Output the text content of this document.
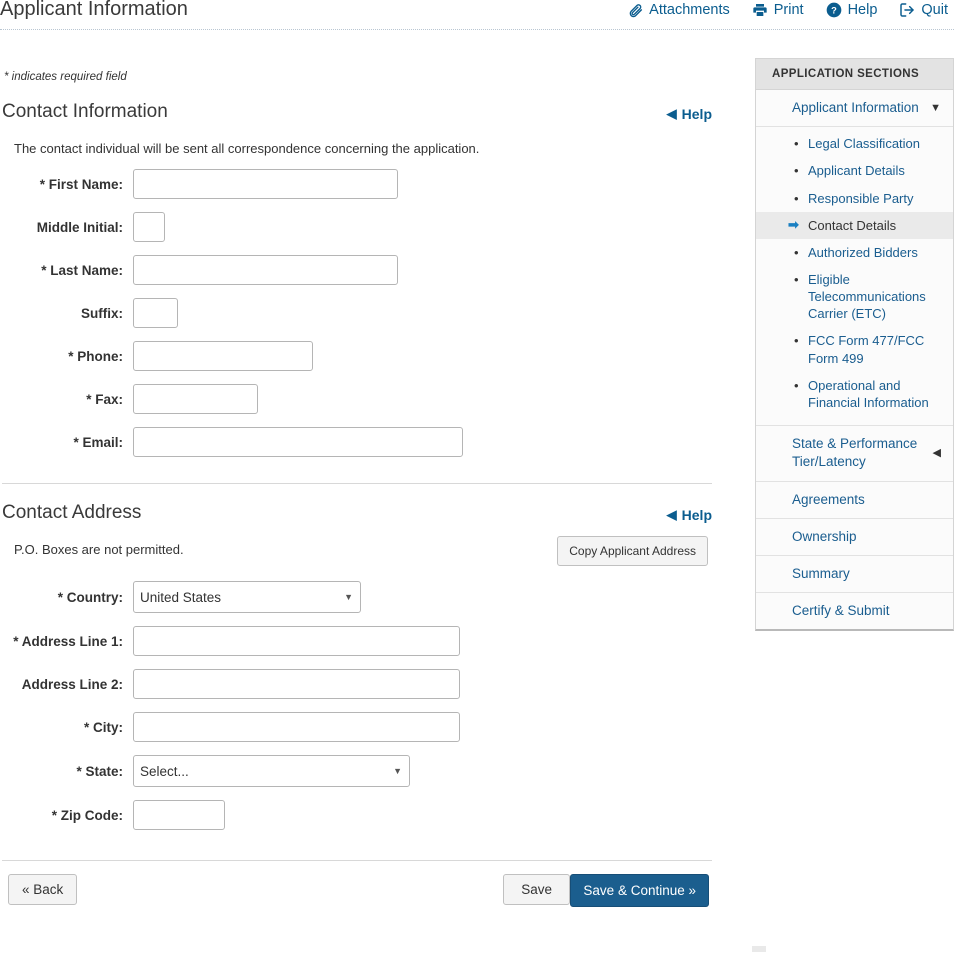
Applicant Information	Attachments	Print ? Help	Quit
* indicates required field
Contact Information	◀ Help
The contact individual will be sent all correspondence concerning the application.
* First Name:
Middle Initial:
* Last Name:
Suffix:
* Phone:
* Fax:
* Email:
Contact Address	◀ Help
P.O. Boxes are not permitted.	Copy Applicant Address
* Country:
United States	▼
* Address Line 1:
Address Line 2:
* City:
* State:
Select...	▼
* Zip Code:
« Back	Save	Save & Continue »
APPLICATION SECTIONS
Applicant Information ▼
• Legal Classification
• Applicant Details
• Responsible Party
➡ Contact Details
• Authorized Bidders
• Eligible Telecommunications Carrier (ETC)
• FCC Form 477/FCC Form 499
• Operational and Financial Information
State & Performance Tier/Latency
◀
Agreements
Ownership
Summary
Certify & Submit
